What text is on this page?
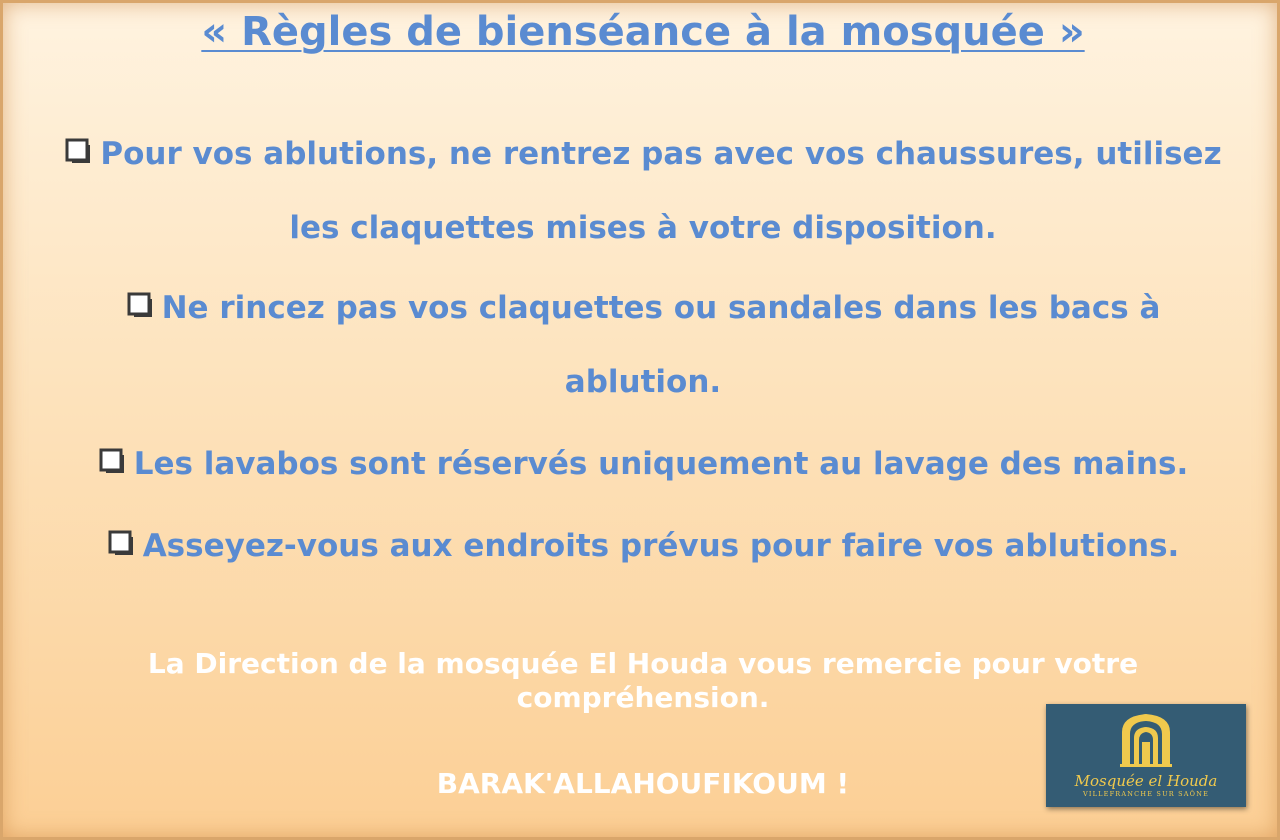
« Règles de bienséance à la mosquée »
Pour vos ablutions, ne rentrez pas avec vos chaussures, utilisez
les claquettes mises à votre disposition.
Ne rincez pas vos claquettes ou sandales dans les bacs à
ablution.
Les lavabos sont réservés uniquement au lavage des mains.
Asseyez-vous aux endroits prévus pour faire vos ablutions.
La Direction de la mosquée El Houda vous remercie pour votre
compréhension.
BARAK'ALLAHOUFIKOUM !	Mosquée el Houda
VILLEFRANCHE SUR SAÔNE
